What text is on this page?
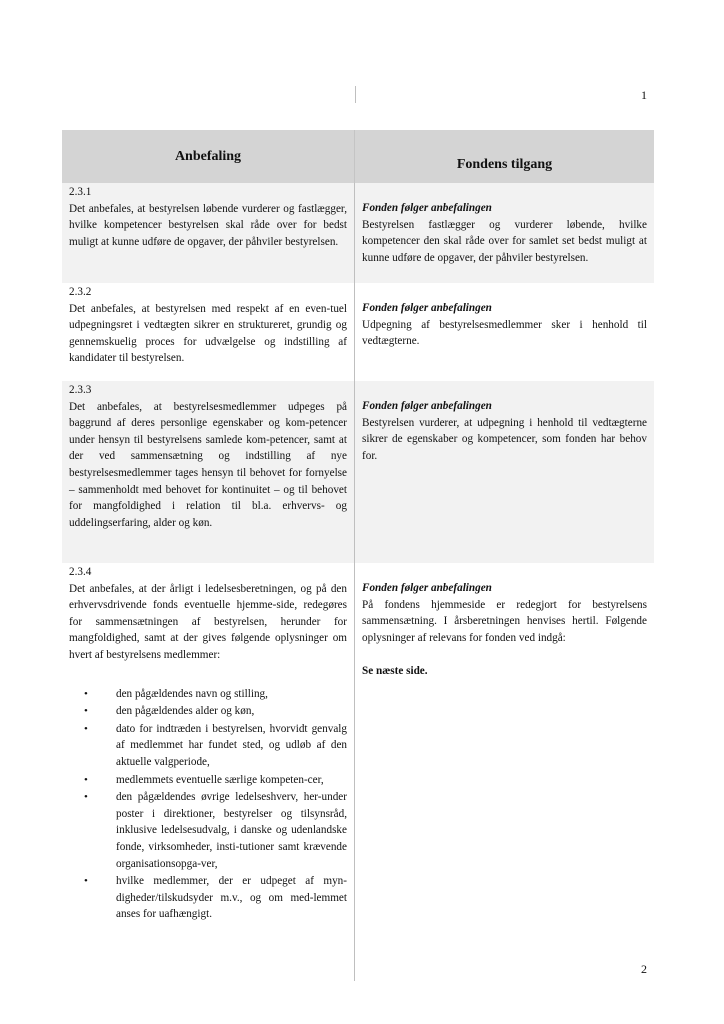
1
Anbefaling
Fondens tilgang
2.3.1
Det anbefales, at bestyrelsen løbende vurderer og fastlægger, hvilke kompetencer bestyrelsen skal råde over for bedst muligt at kunne udføre de opgaver, der påhviler bestyrelsen.
Fonden følger anbefalingen
Bestyrelsen fastlægger og vurderer løbende, hvilke kompetencer den skal råde over for samlet set bedst muligt at kunne udføre de opgaver, der påhviler bestyrelsen.
2.3.2
Det anbefales, at bestyrelsen med respekt af en even-tuel udpegningsret i vedtægten sikrer en struktureret, grundig og gennemskuelig proces for udvælgelse og indstilling af kandidater til bestyrelsen.
Fonden følger anbefalingen
Udpegning af bestyrelsesmedlemmer sker i henhold til vedtægterne.
2.3.3
Det anbefales, at bestyrelsesmedlemmer udpeges på baggrund af deres personlige egenskaber og kom-petencer under hensyn til bestyrelsens samlede kom-petencer, samt at der ved sammensætning og indstilling af nye bestyrelsesmedlemmer tages hensyn til behovet for fornyelse – sammenholdt med behovet for kontinuitet – og til behovet for mangfoldighed i relation til bl.a. erhvervs- og uddelingserfaring, alder og køn.
Fonden følger anbefalingen
Bestyrelsen vurderer, at udpegning i henhold til vedtægterne sikrer de egenskaber og kompetencer, som fonden har behov for.
2.3.4
Det anbefales, at der årligt i ledelsesberetningen, og på den erhvervsdrivende fonds eventuelle hjemme-side, redegøres for sammensætningen af bestyrelsen, herunder for mangfoldighed, samt at der gives følgende oplysninger om hvert af bestyrelsens medlemmer:
• den pågældendes navn og stilling,
• den pågældendes alder og køn,
• dato for indtræden i bestyrelsen, hvorvidt genvalg af medlemmet har fundet sted, og udløb af den aktuelle valgperiode,
• medlemmets eventuelle særlige kompeten-cer,
• den pågældendes øvrige ledelseshverv, her-under poster i direktioner, bestyrelser og tilsynsråd, inklusive ledelsesudvalg, i danske og udenlandske fonde, virksomheder, insti-tutioner samt krævende organisationsopga-ver,
• hvilke medlemmer, der er udpeget af myn-digheder/tilskudsyder m.v., og om med-lemmet anses for uafhængigt.
Fonden følger anbefalingen
På fondens hjemmeside er redegjort for bestyrelsens sammensætning. I årsberetningen henvises hertil. Følgende oplysninger af relevans for fonden ved indgå:
Se næste side.
2
